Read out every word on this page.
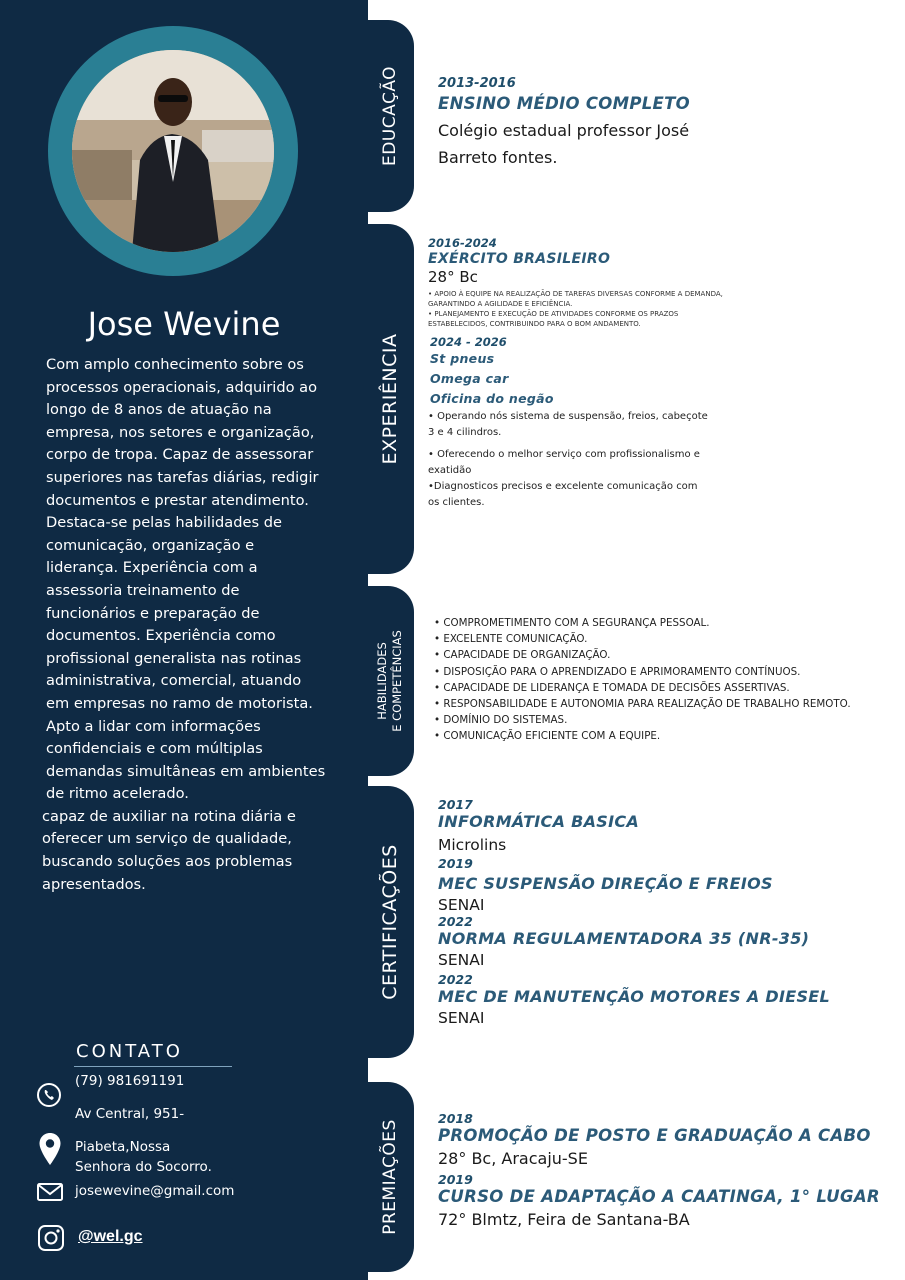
Jose Wevine

Com amplo conhecimento sobre os

processos operacionais, adquirido ao

longo de 8 anos de atuação na

empresa, nos setores e organização,

corpo de tropa. Capaz de assessorar

superiores nas tarefas diárias, redigir

documentos e prestar atendimento.

Destaca-se pelas habilidades de

comunicação, organização e

liderança. Experiência com a

assessoria treinamento de

funcionários e preparação de

documentos. Experiência como

profissional generalista nas rotinas

administrativa, comercial, atuando

em empresas no ramo de motorista.

Apto a lidar com informações

confidenciais e com múltiplas

demandas simultâneas em ambientes

de ritmo acelerado.

capaz de auxiliar na rotina diária e

oferecer um serviço de qualidade,

buscando soluções aos problemas

apresentados.

CONTATO
(79) 981691191
Av Central, 951-
Piabeta,Nossa
Senhora do Socorro.
josewevine@gmail.com
@wel.gc
EDUCAÇÃO
EXPERIÊNCIA
HABILIDADES E COMPETÊNCIAS
CERTIFICAÇÕES
PREMIAÇÕES
2013-2016
ENSINO MÉDIO COMPLETO
Colégio estadual professor José
Barreto fontes.
2016-2024
EXÉRCITO BRASILEIRO
28° Bc
• APOIO À EQUIPE NA REALIZAÇÃO DE TAREFAS DIVERSAS CONFORME A DEMANDA,
GARANTINDO A AGILIDADE E EFICIÊNCIA.
• PLANEJAMENTO E EXECUÇÃO DE ATIVIDADES CONFORME OS PRAZOS
ESTABELECIDOS, CONTRIBUINDO PARA O BOM ANDAMENTO.
2024 - 2026
St pneus
Omega car
Oficina do negão
• Operando nós sistema de suspensão, freios, cabeçote
3 e 4 cilindros.
• Oferecendo o melhor serviço com profissionalismo e
exatidão
•Diagnosticos precisos e excelente comunicação com
os clientes.
• COMPROMETIMENTO COM A SEGURANÇA PESSOAL.
• EXCELENTE COMUNICAÇÃO.
• CAPACIDADE DE ORGANIZAÇÃO.
• DISPOSIÇÃO PARA O APRENDIZADO E APRIMORAMENTO CONTÍNUOS.
• CAPACIDADE DE LIDERANÇA E TOMADA DE DECISÕES ASSERTIVAS.
• RESPONSABILIDADE E AUTONOMIA PARA REALIZAÇÃO DE TRABALHO REMOTO.
• DOMÍNIO DO SISTEMAS.
• COMUNICAÇÃO EFICIENTE COM A EQUIPE.
2017
INFORMÁTICA BASICA
Microlins
2019
MEC SUSPENSÃO DIREÇÃO E FREIOS
SENAI
2022
NORMA REGULAMENTADORA 35 (NR-35)
SENAI
2022
MEC DE MANUTENÇÃO MOTORES A DIESEL
SENAI
2018
PROMOÇÃO DE POSTO E GRADUAÇÃO A CABO
28° Bc, Aracaju-SE
2019
CURSO DE ADAPTAÇÃO A CAATINGA, 1° LUGAR
72° Blmtz, Feira de Santana-BA
